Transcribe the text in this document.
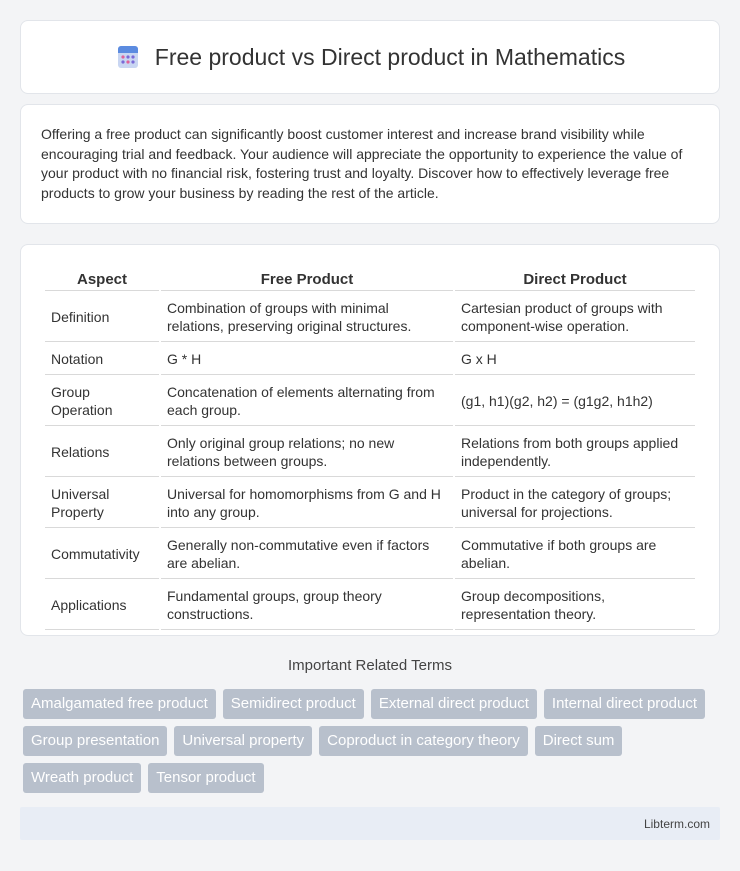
Free product vs Direct product in Mathematics

Offering a free product can significantly boost customer interest and increase brand visibility while encouraging trial and feedback. Your audience will appreciate the opportunity to experience the value of your product with no financial risk, fostering trust and loyalty. Discover how to effectively leverage free products to grow your business by reading the rest of the article.

Aspect	Free Product	Direct Product
Definition	Combination of groups with minimal relations, preserving original structures.	Cartesian product of groups with component-wise operation.
Notation	G * H	G x H
Group Operation	Concatenation of elements alternating from each group.	(g1, h1)(g2, h2) = (g1g2, h1h2)
Relations	Only original group relations; no new relations between groups.	Relations from both groups applied independently.
Universal Property	Universal for homomorphisms from G and H into any group.	Product in the category of groups; universal for projections.
Commutativity	Generally non-commutative even if factors are abelian.	Commutative if both groups are abelian.
Applications	Fundamental groups, group theory constructions.	Group decompositions, representation theory.
Important Related Terms
Amalgamated free product	Semidirect product	External direct product	Internal direct product
Group presentation	Universal property	Coproduct in category theory	Direct sum
Wreath product	Tensor product
Libterm.com
